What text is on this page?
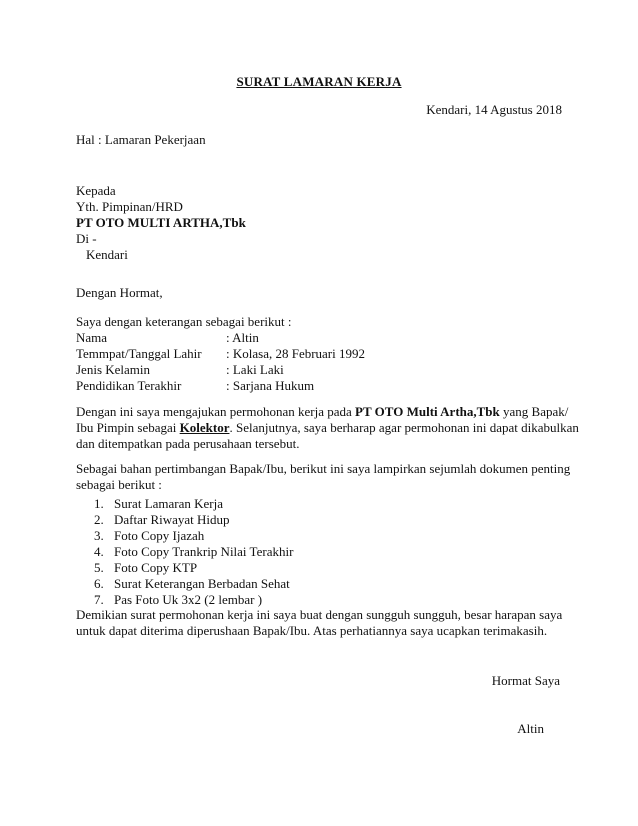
SURAT LAMARAN KERJA
Kendari, 14 Agustus 2018
Hal : Lamaran Pekerjaan
Kepada
Yth. Pimpinan/HRD
PT OTO MULTI ARTHA,Tbk
Di -
Kendari
Dengan Hormat,
Saya dengan keterangan sebagai berikut :
Nama	: Altin
Temmpat/Tanggal Lahir : Kolasa, 28 Februari 1992
Jenis Kelamin	: Laki Laki
Pendidikan Terakhir	: Sarjana Hukum
Dengan ini saya mengajukan permohonan kerja pada PT OTO Multi Artha,Tbk yang Bapak/
Ibu Pimpin sebagai Kolektor. Selanjutnya, saya berharap agar permohonan ini dapat dikabulkan
dan ditempatkan pada perusahaan tersebut.
Sebagai bahan pertimbangan Bapak/Ibu, berikut ini saya lampirkan sejumlah dokumen penting
sebagai berikut :
1. Surat Lamaran Kerja
2. Daftar Riwayat Hidup
3. Foto Copy Ijazah
4. Foto Copy Trankrip Nilai Terakhir
5. Foto Copy KTP
6. Surat Keterangan Berbadan Sehat
7. Pas Foto Uk 3x2 (2 lembar )
Demikian surat permohonan kerja ini saya buat dengan sungguh sungguh, besar harapan saya
untuk dapat diterima diperushaan Bapak/Ibu. Atas perhatiannya saya ucapkan terimakasih.
Hormat Saya
Altin
